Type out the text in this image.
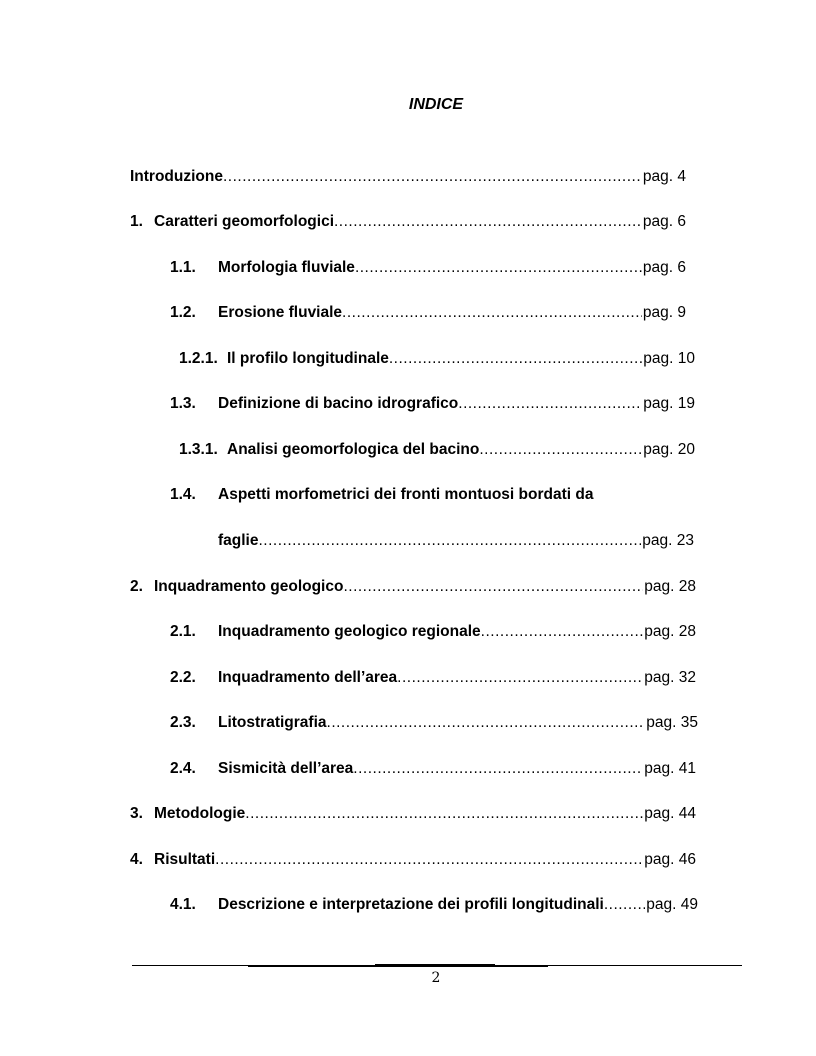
INDICE
Introduzione .....	pag. 4
1. Caratteri geomorfologici .....	pag. 6
1.1.	Morfologia fluviale .....	pag. 6
1.2.	Erosione fluviale .....	pag. 9
1.2.1. Il profilo longitudinale .....	pag. 10
1.3.	Definizione di bacino idrografico .....	pag. 19
1.3.1. Analisi geomorfologica del bacino .....	pag. 20
1.4.	Aspetti morfometrici dei fronti montuosi bordati da
faglie .....	pag. 23
2. Inquadramento geologico .....	pag. 28
2.1.	Inquadramento geologico regionale .....	pag. 28
2.2.	Inquadramento dell’area .....	pag. 32
2.3.	Litostratigrafia .....	pag. 35
2.4.	Sismicità dell’area .....	pag. 41
3. Metodologie .....	pag. 44
4. Risultati .....	pag. 46
4.1.	Descrizione e interpretazione dei profili longitudinali .....	pag. 49
2
